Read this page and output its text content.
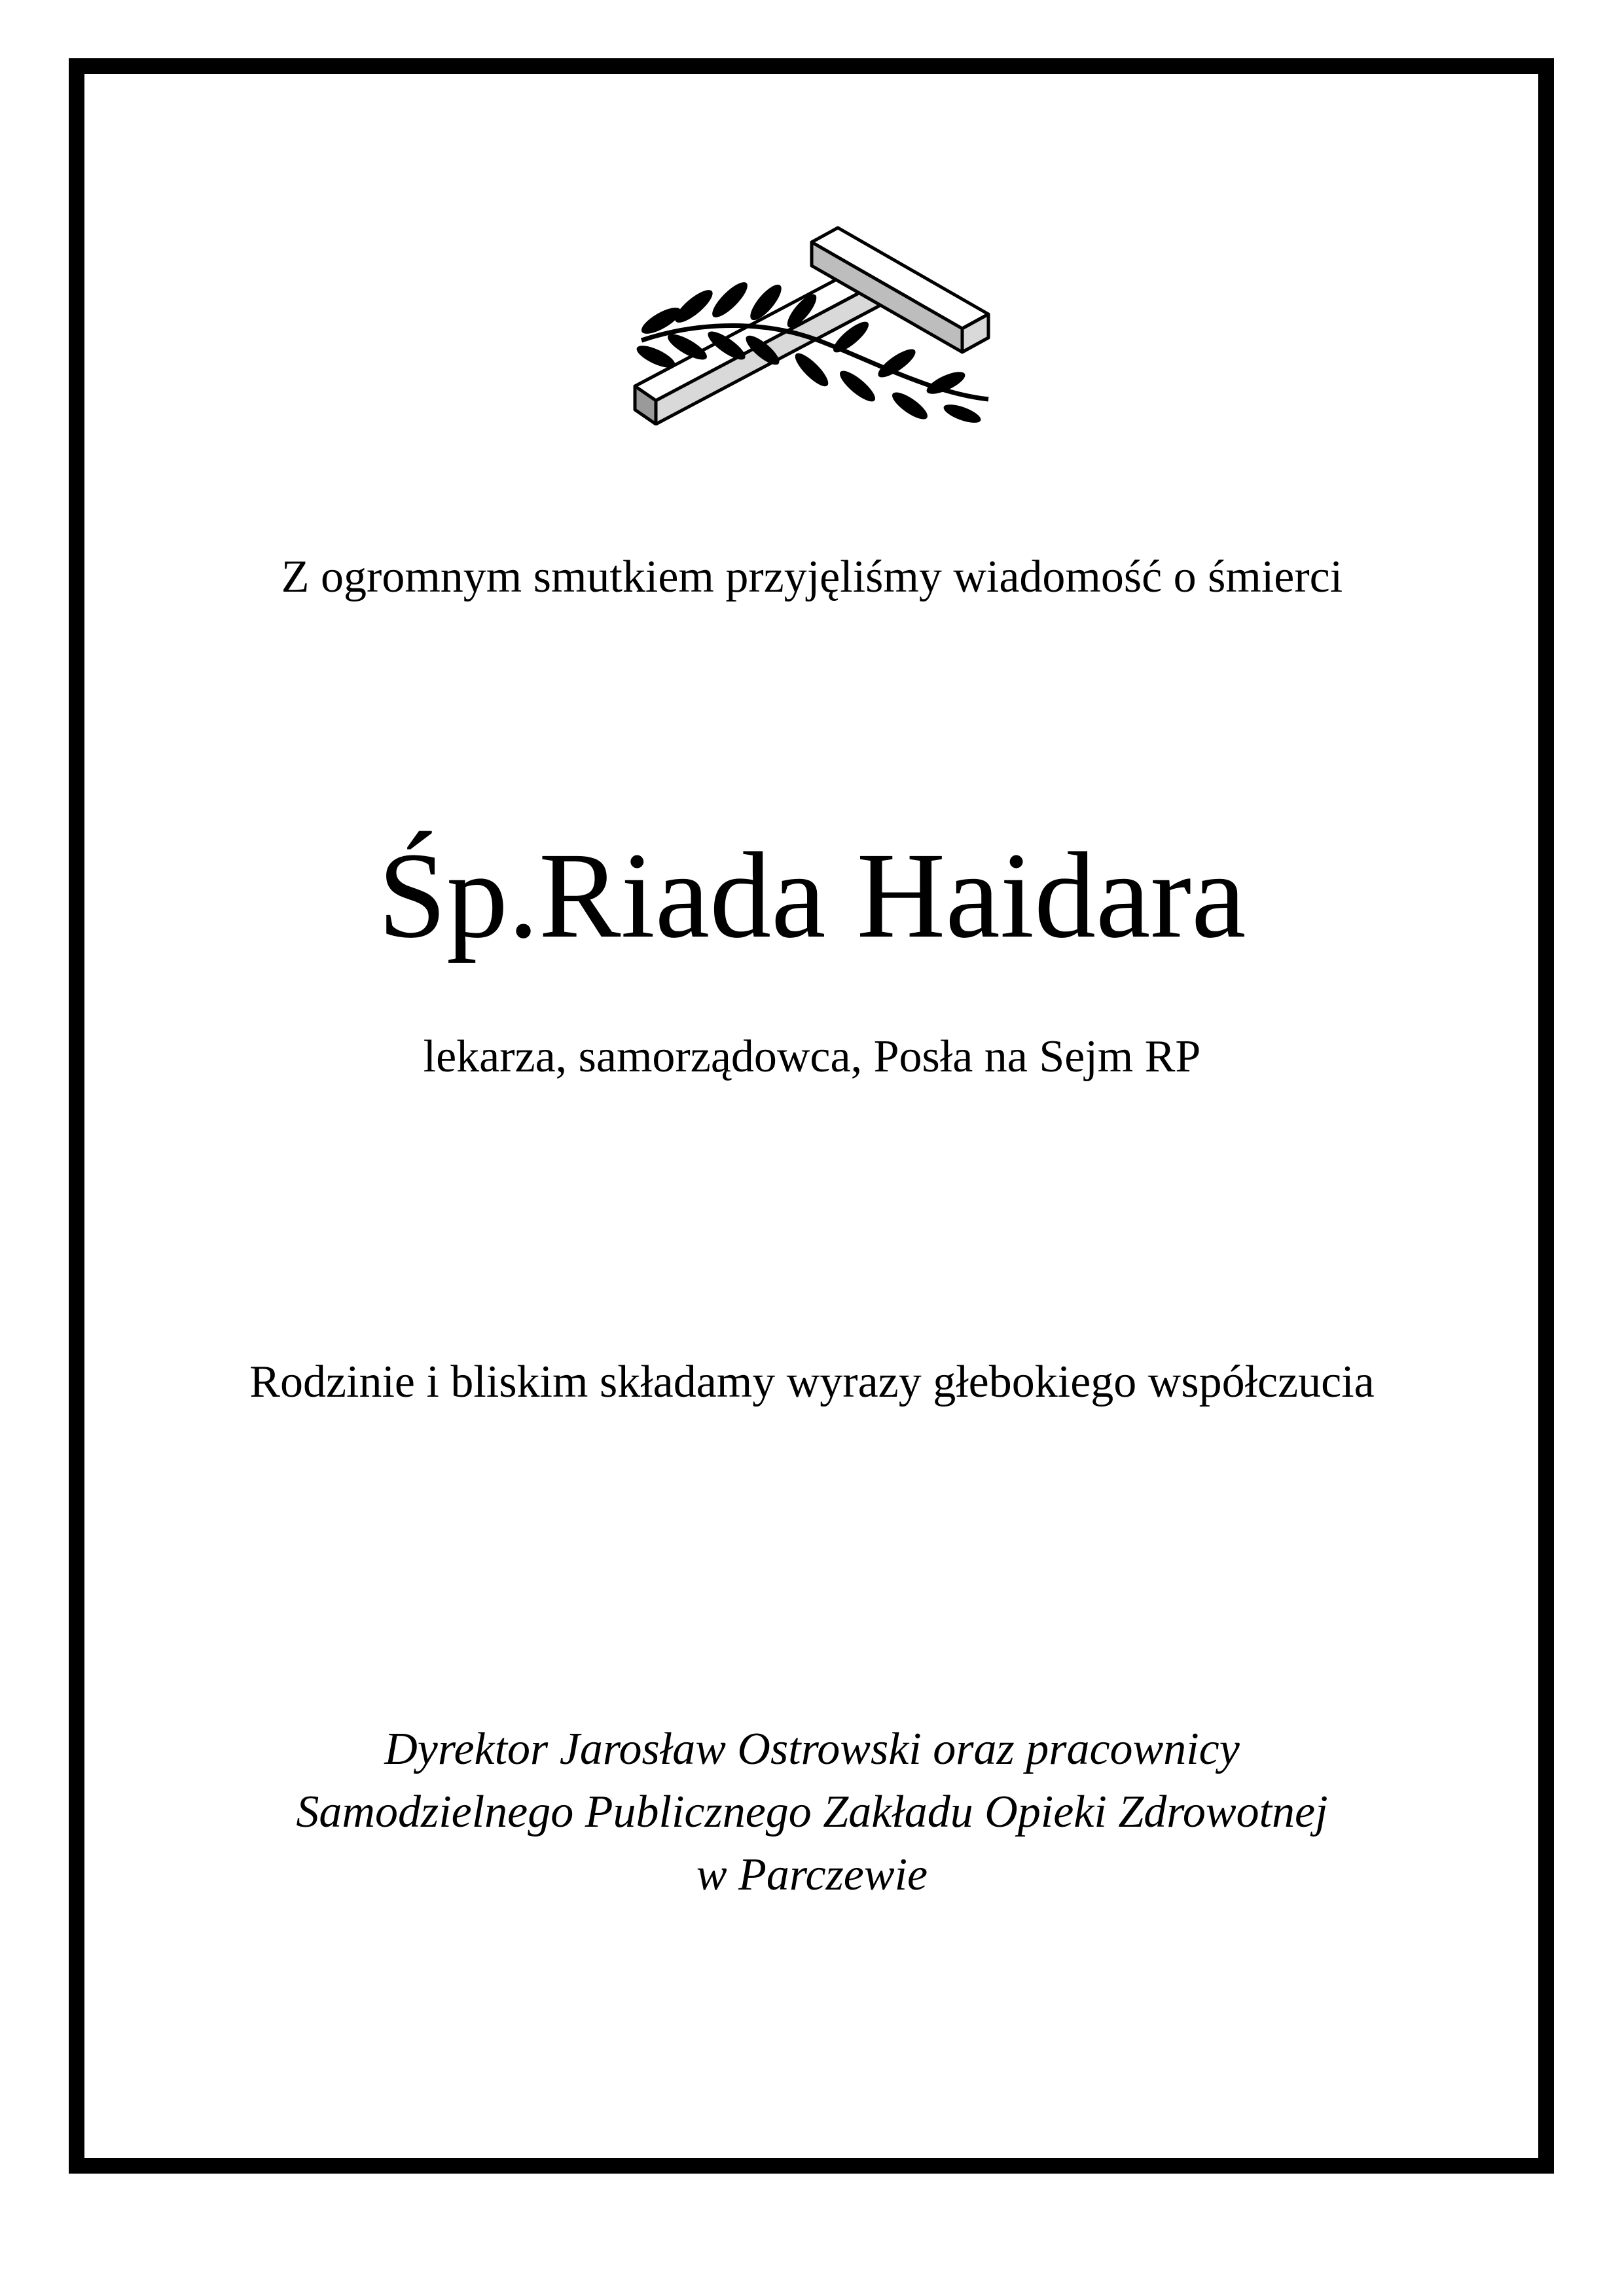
Z ogromnym smutkiem przyjęliśmy wiadomość o śmierci
Śp.Riada Haidara
lekarza, samorządowca, Posła na Sejm RP
Rodzinie i bliskim składamy wyrazy głebokiego współczucia
Dyrektor Jarosław Ostrowski oraz pracownicy
Samodzielnego Publicznego Zakładu Opieki Zdrowotnej
w Parczewie
